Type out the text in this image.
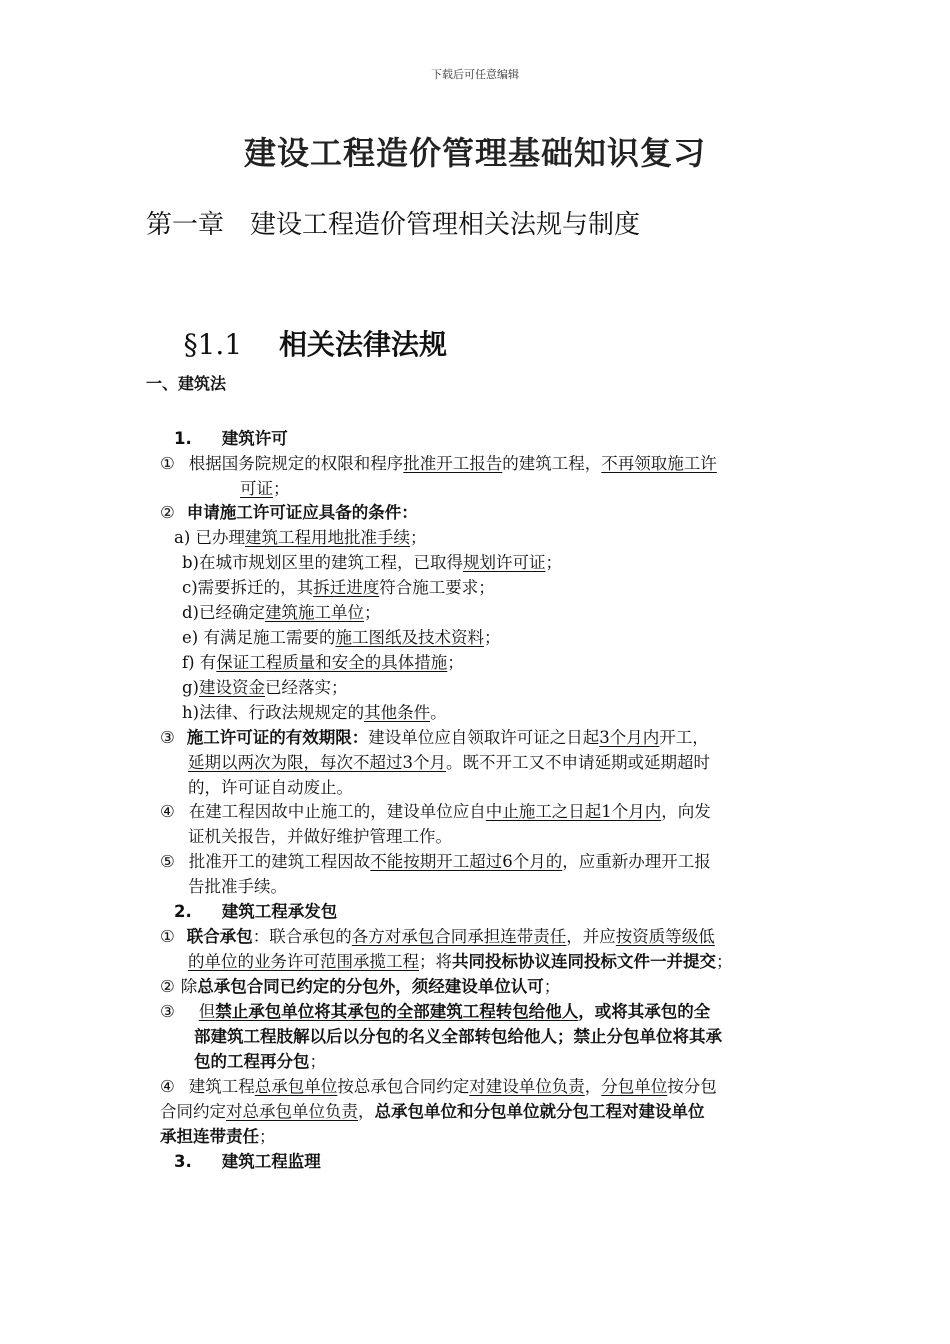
下载后可任意编辑
建设工程造价管理基础知识复习
第一章　建设工程造价管理相关法规与制度

§1.1　 相关法律法规

一、建筑法
1. 建筑许可
① 根据国务院规定的权限和程序批准开工报告的建筑工程，不再领取施工许
可证；
② 申请施工许可证应具备的条件：
a) 已办理建筑工程用地批准手续；
b)在城市规划区里的建筑工程，已取得规划许可证；
c)需要拆迁的，其拆迁进度符合施工要求；
d)已经确定建筑施工单位；
e) 有满足施工需要的施工图纸及技术资料；
f) 有保证工程质量和安全的具体措施；
g)建设资金已经落实；
h)法律、行政法规规定的其他条件。
③ 施工许可证的有效期限：建设单位应自领取许可证之日起3个月内开工，
延期以两次为限，每次不超过3个月。既不开工又不申请延期或延期超时
的，许可证自动废止。
④ 在建工程因故中止施工的，建设单位应自中止施工之日起1个月内，向发
证机关报告，并做好维护管理工作。
⑤ 批准开工的建筑工程因故不能按期开工超过6个月的，应重新办理开工报
告批准手续。
2. 建筑工程承发包
① 联合承包：联合承包的各方对承包合同承担连带责任，并应按资质等级低
的单位的业务许可范围承揽工程；将共同投标协议连同投标文件一并提交；
② 除总承包合同已约定的分包外，须经建设单位认可；
③ 但禁止承包单位将其承包的全部建筑工程转包给他人，或将其承包的全
部建筑工程肢解以后以分包的名义全部转包给他人；禁止分包单位将其承
包的工程再分包；
④ 建筑工程总承包单位按总承包合同约定对建设单位负责，分包单位按分包
合同约定对总承包单位负责，总承包单位和分包单位就分包工程对建设单位
承担连带责任；
3. 建筑工程监理
